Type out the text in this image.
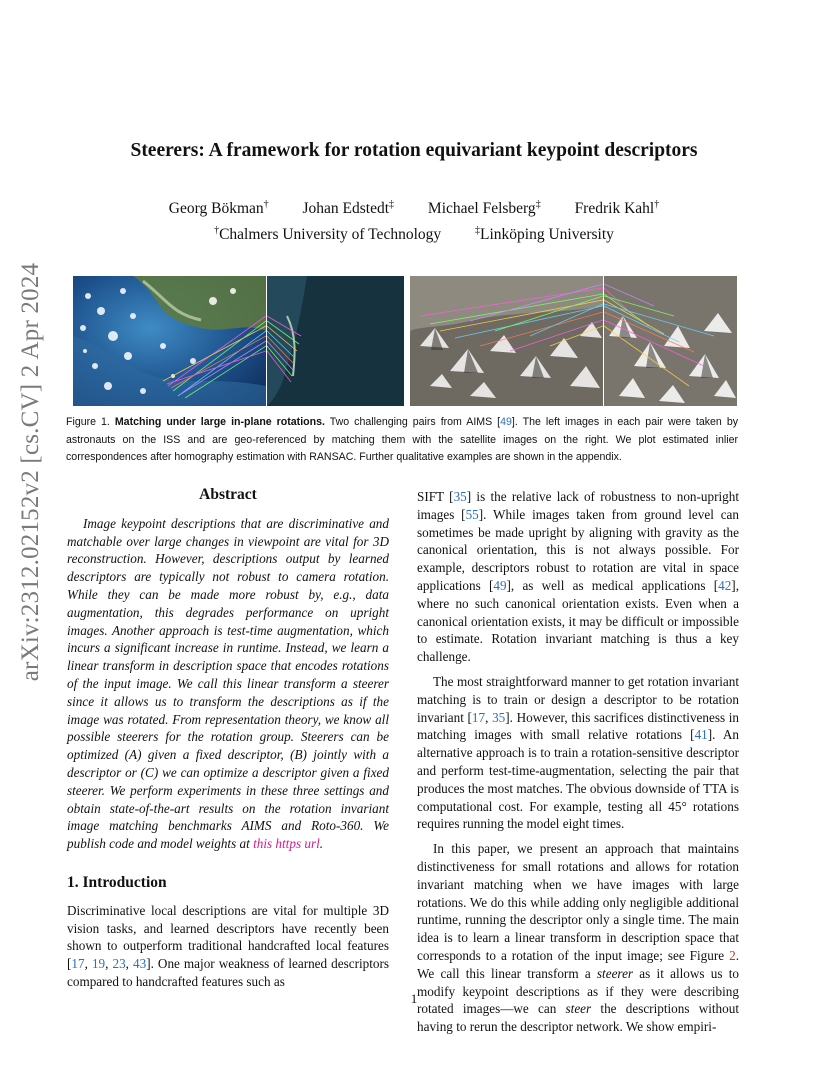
arXiv:2312.02152v2 [cs.CV] 2 Apr 2024
Steerers: A framework for rotation equivariant keypoint descriptors
Georg Bökman† Johan Edstedt‡ Michael Felsberg‡ Fredrik Kahl†
†Chalmers University of Technology	‡Linköping University
Figure 1. Matching under large in-plane rotations. Two challenging pairs from AIMS [49]. The left images in each pair were taken by astronauts on the ISS and are geo-referenced by matching them with the satellite images on the right. We plot estimated inlier correspondences after homography estimation with RANSAC. Further qualitative examples are shown in the appendix.

Abstract

Image keypoint descriptions that are discriminative and matchable over large changes in viewpoint are vital for 3D reconstruction. However, descriptions output by learned descriptors are typically not robust to camera rotation. While they can be made more robust by, e.g., data augmentation, this degrades performance on upright images. Another approach is test-time augmentation, which incurs a significant increase in runtime. Instead, we learn a linear transform in description space that encodes rotations of the input image. We call this linear transform a steerer since it allows us to transform the descriptions as if the image was rotated. From representation theory, we know all possible steerers for the rotation group. Steerers can be optimized (A) given a fixed descriptor, (B) jointly with a descriptor or (C) we can optimize a descriptor given a fixed steerer. We perform experiments in these three settings and obtain state-of-the-art results on the rotation invariant image matching benchmarks AIMS and Roto-360. We publish code and model weights at this https url.

1. Introduction

Discriminative local descriptions are vital for multiple 3D vision tasks, and learned descriptors have recently been shown to outperform traditional handcrafted local features [17, 19, 23, 43]. One major weakness of learned descriptors compared to handcrafted features such as

SIFT [35] is the relative lack of robustness to non-upright images [55]. While images taken from ground level can sometimes be made upright by aligning with gravity as the canonical orientation, this is not always possible. For example, descriptors robust to rotation are vital in space applications [49], as well as medical applications [42], where no such canonical orientation exists. Even when a canonical orientation exists, it may be difficult or impossible to estimate. Rotation invariant matching is thus a key challenge.

The most straightforward manner to get rotation invariant matching is to train or design a descriptor to be rotation invariant [17, 35]. However, this sacrifices distinctiveness in matching images with small relative rotations [41]. An alternative approach is to train a rotation-sensitive descriptor and perform test-time-augmentation, selecting the pair that produces the most matches. The obvious downside of TTA is computational cost. For example, testing all 45° rotations requires running the model eight times.

In this paper, we present an approach that maintains distinctiveness for small rotations and allows for rotation invariant matching when we have images with large rotations. We do this while adding only negligible additional runtime, running the descriptor only a single time. The main idea is to learn a linear transform in description space that corresponds to a rotation of the input image; see Figure 2. We call this linear transform a steerer as it allows us to modify keypoint descriptions as if they were describing rotated images—we can steer the descriptions without having to rerun the descriptor network. We show empiri-

1
